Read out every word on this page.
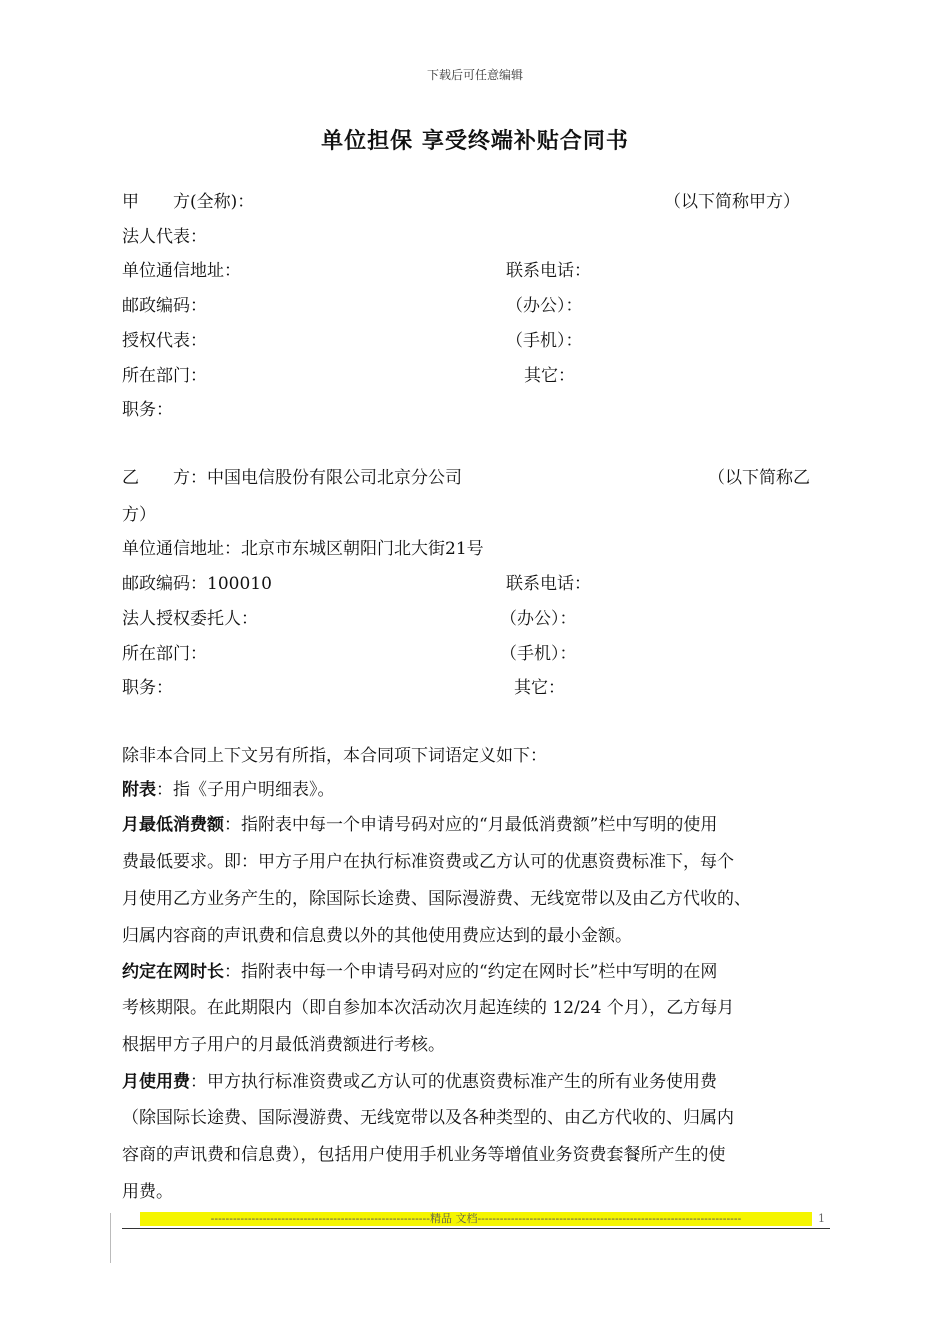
下载后可任意编辑
单位担保 享受终端补贴合同书
甲　　方(全称)：	（以下简称甲方）
法人代表：
单位通信地址：	联系电话：
邮政编码：	（办公）：
授权代表：	（手机）：
所在部门：	其它：
职务：
乙　　方：中国电信股份有限公司北京分公司	（以下简称乙
方）
单位通信地址：北京市东城区朝阳门北大街21号
邮政编码：100010	联系电话：
法人授权委托人：	（办公）：
所在部门：	（手机）：
职务：	其它：
除非本合同上下文另有所指，本合同项下词语定义如下：
附表：指《子用户明细表》。
月最低消费额：指附表中每一个申请号码对应的“月最低消费额”栏中写明的使用
费最低要求。即：甲方子用户在执行标准资费或乙方认可的优惠资费标准下，每个
月使用乙方业务产生的，除国际长途费、国际漫游费、无线宽带以及由乙方代收的、
归属内容商的声讯费和信息费以外的其他使用费应达到的最小金额。
约定在网时长：指附表中每一个申请号码对应的“约定在网时长”栏中写明的在网
考核期限。在此期限内（即自参加本次活动次月起连续的 12/24 个月），乙方每月
根据甲方子用户的月最低消费额进行考核。
月使用费：甲方执行标准资费或乙方认可的优惠资费标准产生的所有业务使用费
（除国际长途费、国际漫游费、无线宽带以及各种类型的、由乙方代收的、归属内
容商的声讯费和信息费），包括用户使用手机业务等增值业务资费套餐所产生的使
用费。
-----------------------------------------------------------精品 文档-----------------------------------------------------------------------	1
